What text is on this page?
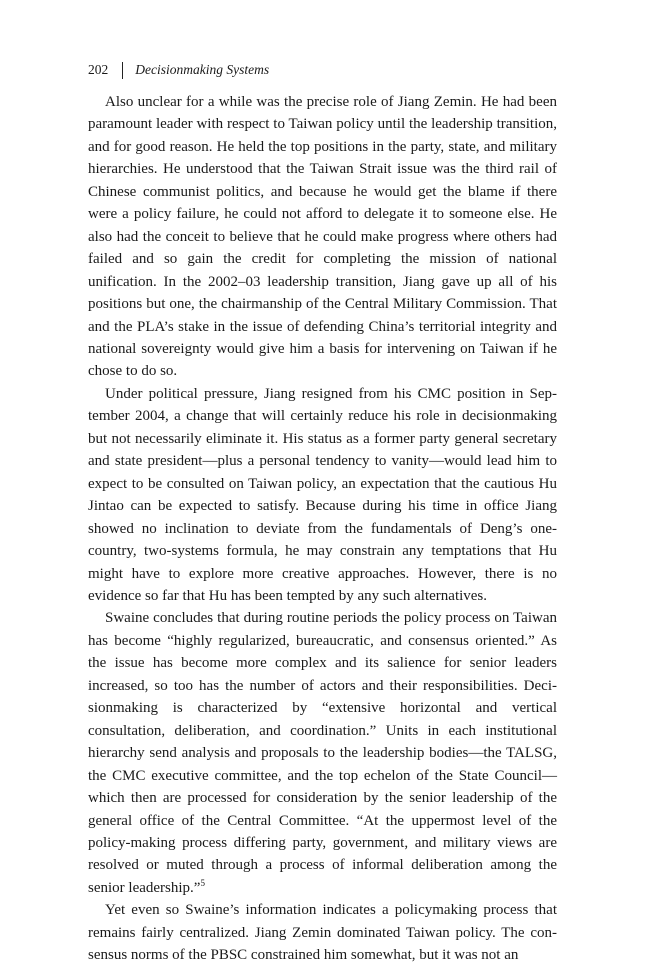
202 Decisionmaking Systems

Also unclear for a while was the precise role of Jiang Zemin. He had been paramount leader with respect to Taiwan policy until the leadership transition, and for good reason. He held the top positions in the party, state, and military hierarchies. He understood that the Taiwan Strait issue was the third rail of Chinese communist politics, and because he would get the blame if there were a policy failure, he could not afford to delegate it to someone else. He also had the conceit to believe that he could make progress where others had failed and so gain the credit for completing the mission of national unification. In the 2002–03 leadership transition, Jiang gave up all of his positions but one, the chairmanship of the Central Military Commission. That and the PLA’s stake in the issue of defending China’s territorial integrity and national sovereignty would give him a basis for intervening on Taiwan if he chose to do so.

Under political pressure, Jiang resigned from his CMC position in September 2004, a change that will certainly reduce his role in decisionmaking but not necessarily eliminate it. His status as a former party general secretary and state president—plus a personal tendency to vanity—would lead him to expect to be consulted on Taiwan policy, an expectation that the cautious Hu Jintao can be expected to satisfy. Because during his time in office Jiang showed no inclination to deviate from the fundamentals of Deng’s one-country, two-systems formula, he may constrain any temptations that Hu might have to explore more creative approaches. However, there is no evidence so far that Hu has been tempted by any such alternatives.

Swaine concludes that during routine periods the policy process on Taiwan has become “highly regularized, bureaucratic, and consensus oriented.” As the issue has become more complex and its salience for senior leaders increased, so too has the number of actors and their responsibilities. Decisionmaking is characterized by “extensive horizontal and vertical consultation, deliberation, and coordination.” Units in each institutional hierarchy send analysis and proposals to the leadership bodies—the TALSG, the CMC executive committee, and the top echelon of the State Council— which then are processed for consideration by the senior leadership of the general office of the Central Committee. “At the uppermost level of the policy-making process differing party, government, and military views are resolved or muted through a process of informal deliberation among the senior leadership.”$^5$

Yet even so Swaine’s information indicates a policymaking process that remains fairly centralized. Jiang Zemin dominated Taiwan policy. The consensus norms of the PBSC constrained him somewhat, but it was not an
